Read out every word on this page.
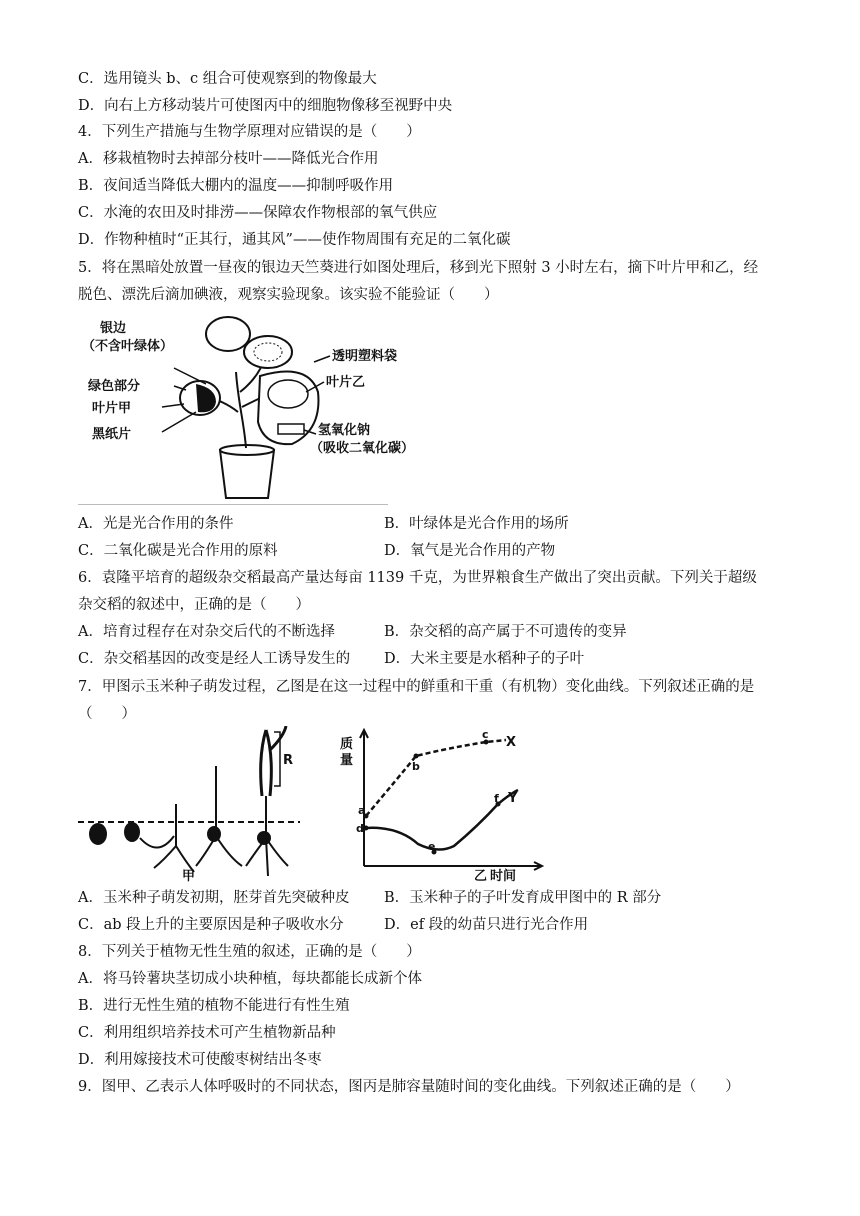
C．选用镜头 b、c 组合可使观察到的物像最大
D．向右上方移动装片可使图丙中的细胞物像移至视野中央
4．下列生产措施与生物学原理对应错误的是（　　）
A．移栽植物时去掉部分枝叶——降低光合作用
B．夜间适当降低大棚内的温度——抑制呼吸作用
C．水淹的农田及时排涝——保障农作物根部的氧气供应
D．作物种植时“正其行，通其风”——使作物周围有充足的二氧化碳
5．将在黑暗处放置一昼夜的银边天竺葵进行如图处理后，移到光下照射 3 小时左右，摘下叶片甲和乙，经
脱色、漂洗后滴加碘液，观察实验现象。该实验不能验证（　　）
银边
（不含叶绿体）
绿色部分
叶片甲
黑纸片
透明塑料袋
叶片乙
氢氧化钠
（吸收二氧化碳）
A．光是光合作用的条件	B．叶绿体是光合作用的场所
C．二氧化碳是光合作用的原料	D．氧气是光合作用的产物
6．袁隆平培育的超级杂交稻最高产量达每亩 1139 千克，为世界粮食生产做出了突出贡献。下列关于超级
杂交稻的叙述中，正确的是（　　）
A．培育过程存在对杂交后代的不断选择	B．杂交稻的高产属于不可遗传的变异
C．杂交稻基因的改变是经人工诱导发生的 D．大米主要是水稻种子的子叶
7．甲图示玉米种子萌发过程，乙图是在这一过程中的鲜重和干重（有机物）变化曲线。下列叙述正确的是
（　　）
R
甲
质
量
乙 时间
a
b
c
d
e
f
X
Y
A．玉米种子萌发初期，胚芽首先突破种皮 B．玉米种子的子叶发育成甲图中的 R 部分
C．ab 段上升的主要原因是种子吸收水分	D．ef 段的幼苗只进行光合作用
8．下列关于植物无性生殖的叙述，正确的是（　　）
A．将马铃薯块茎切成小块种植，每块都能长成新个体
B．进行无性生殖的植物不能进行有性生殖
C．利用组织培养技术可产生植物新品种
D．利用嫁接技术可使酸枣树结出冬枣
9．图甲、乙表示人体呼吸时的不同状态，图丙是肺容量随时间的变化曲线。下列叙述正确的是（　　）
